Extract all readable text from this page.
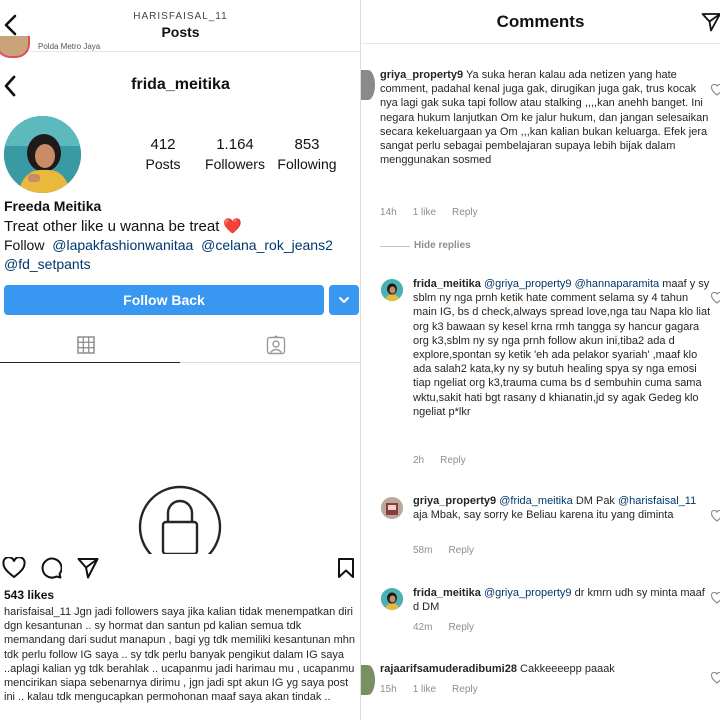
HARISFAISAL_11
Posts
Polda Metro Jaya
frida_meitika
412
Posts
1.164
Followers
853
Following
Freeda Meitika
Treat other like u wanna be treat ❤️
Follow @lapakfashionwanitaa @celana_rok_jeans2
@fd_setpants
Follow Back
543 likes
harisfaisal_11 Jgn jadi followers saya jika kalian tidak menempatkan diri dgn kesantunan .. sy hormat dan santun pd kalian semua tdk memandang dari sudut manapun , bagi yg tdk memiliki kesantunan mhn tdk perlu follow IG saya .. sy tdk perlu banyak pengikut dalam IG saya ..aplagi kalian yg tdk berahlak .. ucapanmu jadi harimau mu , ucapanmu mencirikan siapa sebenarnya dirimu , jgn jadi spt akun IG yg saya post ini .. kalau tdk mengucapkan permohonan maaf saya akan tindak ..
Comments
griya_property9 Ya suka heran kalau ada netizen yang hate comment, padahal kenal juga gak, dirugikan juga gak, trus kocak nya lagi gak suka tapi follow atau stalking ,,,,kan anehh banget. Ini negara hukum lanjutkan Om ke jalur hukum, dan jangan selesaikan secara kekeluargaan ya Om ,,,kan kalian bukan keluarga. Efek jera sangat perlu sebagai pembelajaran supaya lebih bijak dalam menggunakan sosmed
14h 1 like Reply
Hide replies
frida_meitika @griya_property9 @hannaparamita maaf y sy sblm ny nga prnh ketik hate comment selama sy 4 tahun main IG, bs d check,always spread love,nga tau Napa klo liat org k3 bawaan sy kesel krna rmh tangga sy hancur gagara org k3,sblm ny sy nga prnh follow akun ini,tiba2 ada d explore,spontan sy ketik 'eh ada pelakor syariah' ,maaf klo ada salah2 kata,ky ny sy butuh healing spya sy nga emosi tiap ngeliat org k3,trauma cuma bs d sembuhin cuma sama wktu,sakit hati bgt rasany d khianatin,jd sy agak Gedeg klo ngeliat p*lkr
2h Reply
griya_property9 @frida_meitika DM Pak @harisfaisal_11 aja Mbak, say sorry ke Beliau karena itu yang diminta
58m Reply
frida_meitika @griya_property9 dr kmrn udh sy minta maaf d DM
42m Reply
rajaarifsamuderadibumi28 Cakkeeeepp paaak
15h 1 like Reply
